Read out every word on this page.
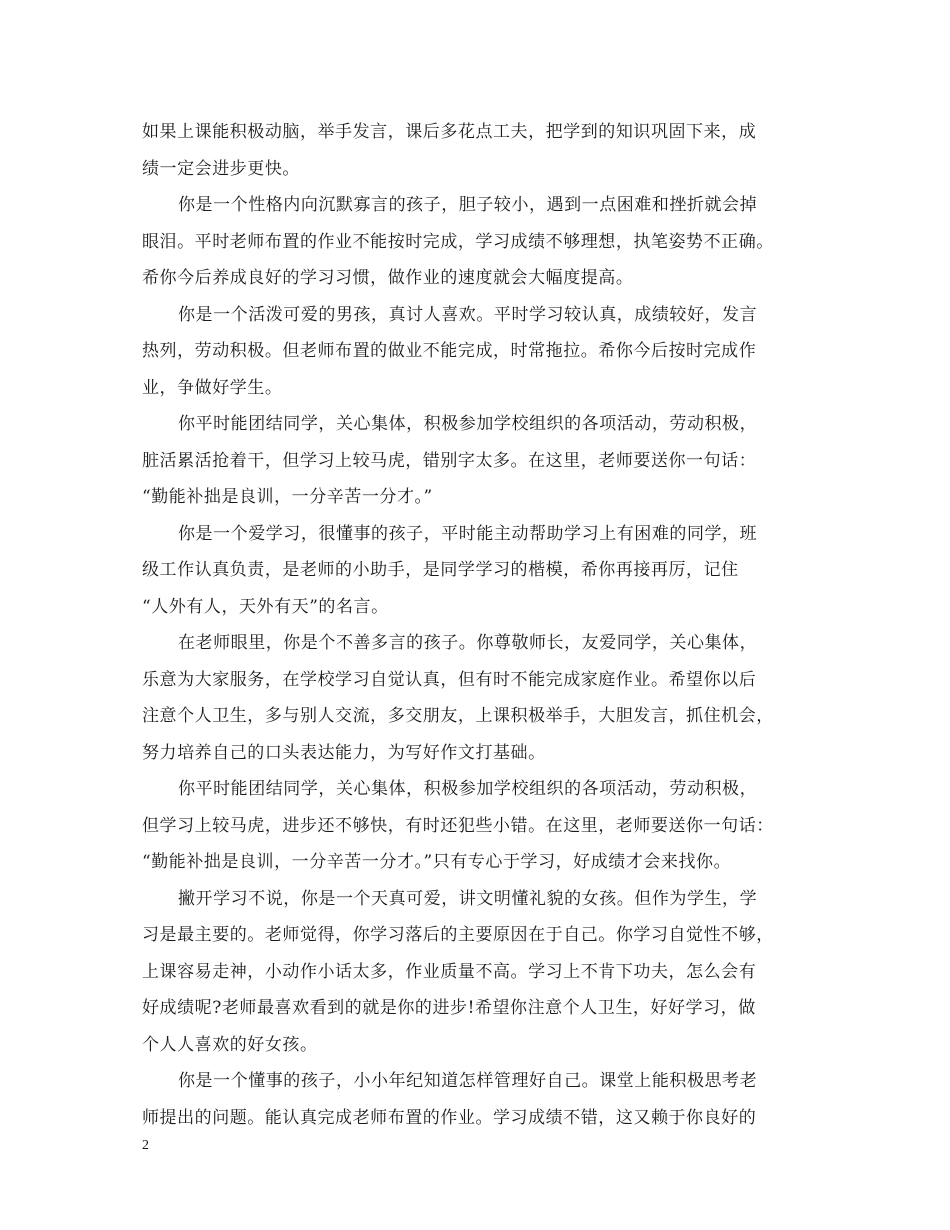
如果上课能积极动脑，举手发言，课后多花点工夫，把学到的知识巩固下来，成
绩一定会进步更快。
你是一个性格内向沉默寡言的孩子，胆子较小，遇到一点困难和挫折就会掉
眼泪。平时老师布置的作业不能按时完成，学习成绩不够理想，执笔姿势不正确。
希你今后养成良好的学习习惯，做作业的速度就会大幅度提高。
你是一个活泼可爱的男孩，真讨人喜欢。平时学习较认真，成绩较好，发言
热列，劳动积极。但老师布置的做业不能完成，时常拖拉。希你今后按时完成作
业，争做好学生。
你平时能团结同学，关心集体，积极参加学校组织的各项活动，劳动积极，
脏活累活抢着干，但学习上较马虎，错别字太多。在这里，老师要送你一句话：
“勤能补拙是良训，一分辛苦一分才。”
你是一个爱学习，很懂事的孩子，平时能主动帮助学习上有困难的同学，班
级工作认真负责，是老师的小助手，是同学学习的楷模，希你再接再厉，记住
“人外有人，天外有天”的名言。
在老师眼里，你是个不善多言的孩子。你尊敬师长，友爱同学，关心集体，
乐意为大家服务，在学校学习自觉认真，但有时不能完成家庭作业。希望你以后
注意个人卫生，多与别人交流，多交朋友，上课积极举手，大胆发言，抓住机会，
努力培养自己的口头表达能力，为写好作文打基础。
你平时能团结同学，关心集体，积极参加学校组织的各项活动，劳动积极，
但学习上较马虎，进步还不够快，有时还犯些小错。在这里，老师要送你一句话：
“勤能补拙是良训，一分辛苦一分才。”只有专心于学习，好成绩才会来找你。
撇开学习不说，你是一个天真可爱，讲文明懂礼貌的女孩。但作为学生，学
习是最主要的。老师觉得，你学习落后的主要原因在于自己。你学习自觉性不够，
上课容易走神，小动作小话太多，作业质量不高。学习上不肯下功夫，怎么会有
好成绩呢?老师最喜欢看到的就是你的进步!希望你注意个人卫生，好好学习，做
个人人喜欢的好女孩。
你是一个懂事的孩子，小小年纪知道怎样管理好自己。课堂上能积极思考老
师提出的问题。能认真完成老师布置的作业。学习成绩不错，这又赖于你良好的
2
